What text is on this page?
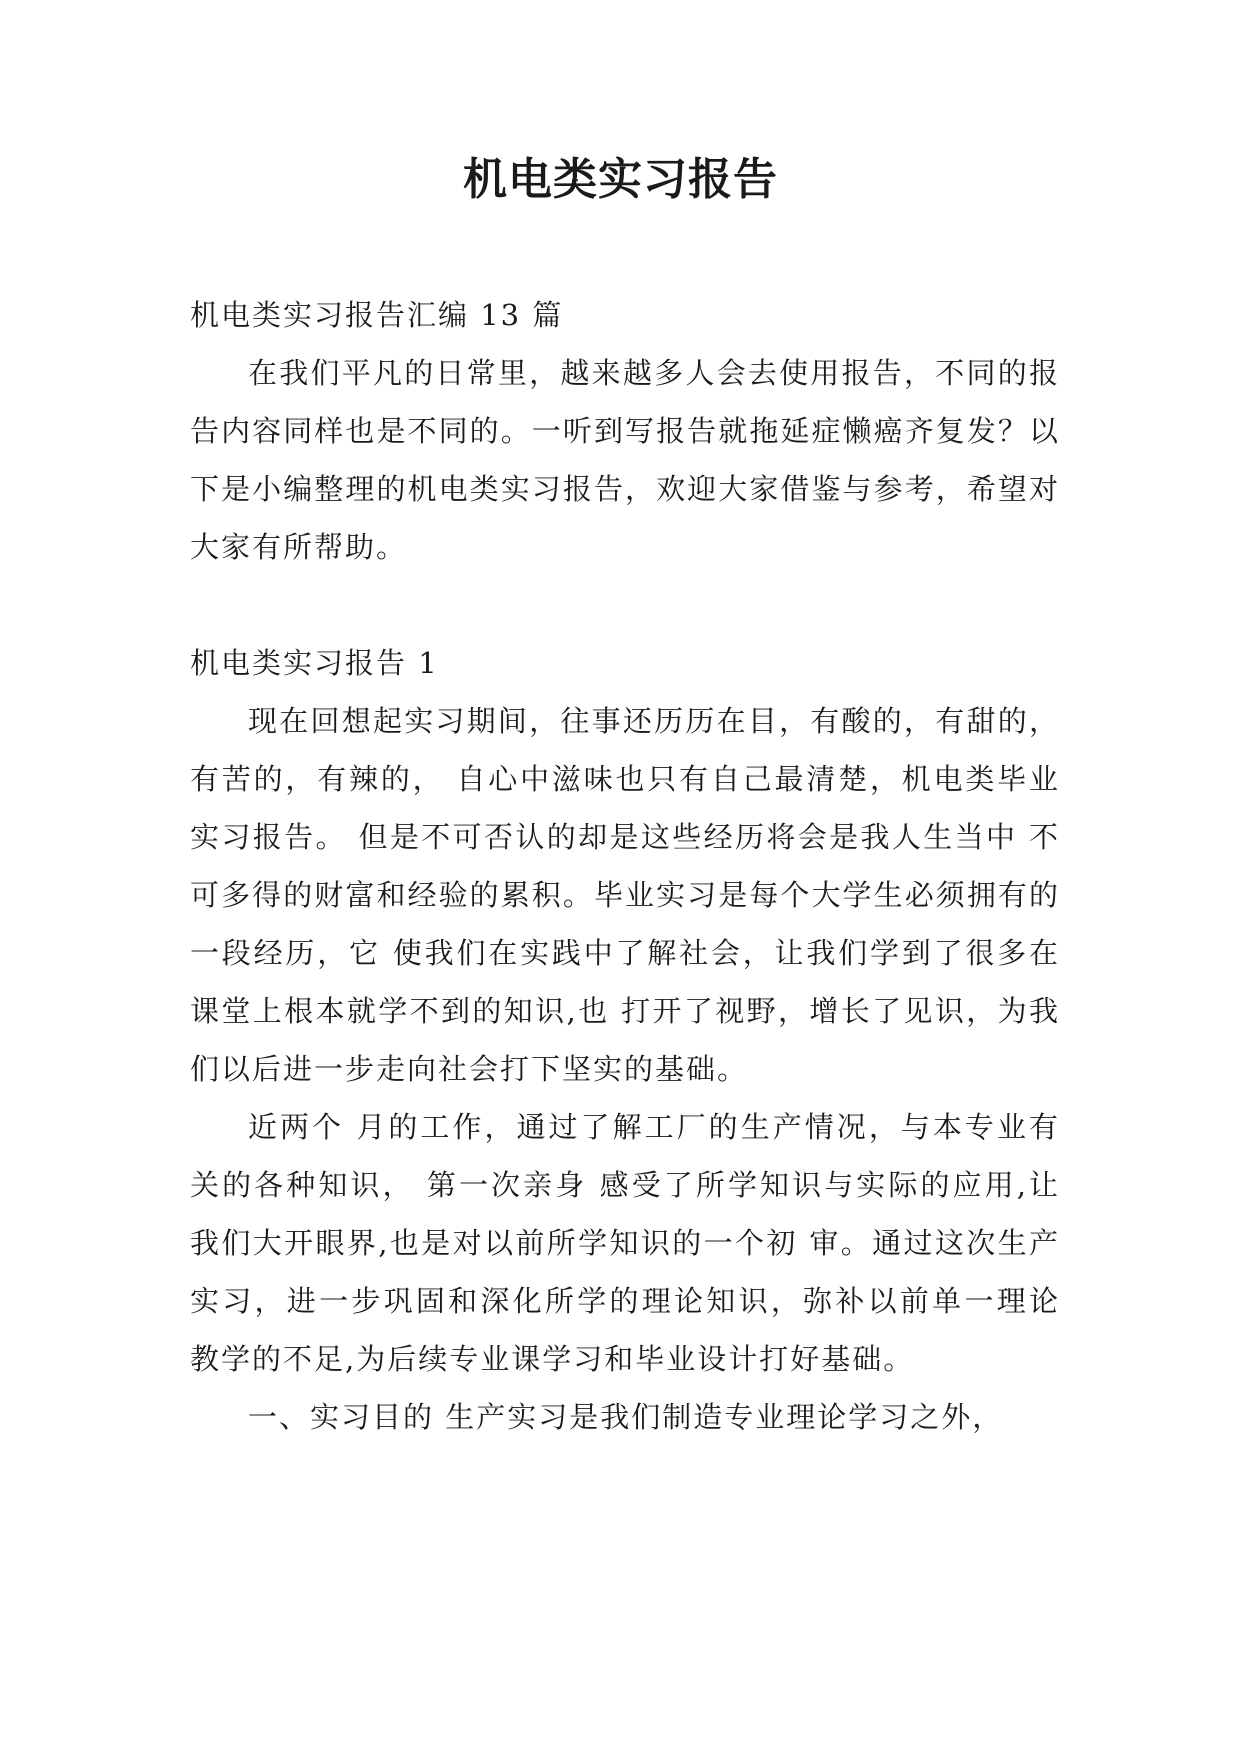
机电类实习报告

机电类实习报告汇编 13 篇

在我们平凡的日常里，越来越多人会去使用报告，不同的报告内容同样也是不同的。一听到写报告就拖延症懒癌齐复发？以下是小编整理的机电类实习报告，欢迎大家借鉴与参考，希望对大家有所帮助。

机电类实习报告 1

现在回想起实习期间，往事还历历在目，有酸的，有甜的，有苦的，有辣的， 自心中滋味也只有自己最清楚，机电类毕业实习报告。 但是不可否认的却是这些经历将会是我人生当中 不可多得的财富和经验的累积。毕业实习是每个大学生必须拥有的一段经历，它 使我们在实践中了解社会，让我们学到了很多在课堂上根本就学不到的知识,也 打开了视野，增长了见识，为我们以后进一步走向社会打下坚实的基础。

近两个 月的工作，通过了解工厂的生产情况，与本专业有关的各种知识， 第一次亲身 感受了所学知识与实际的应用,让我们大开眼界,也是对以前所学知识的一个初 审。通过这次生产实习，进一步巩固和深化所学的理论知识，弥补以前单一理论 教学的不足,为后续专业课学习和毕业设计打好基础。

一、实习目的 生产实习是我们制造专业理论学习之外，
